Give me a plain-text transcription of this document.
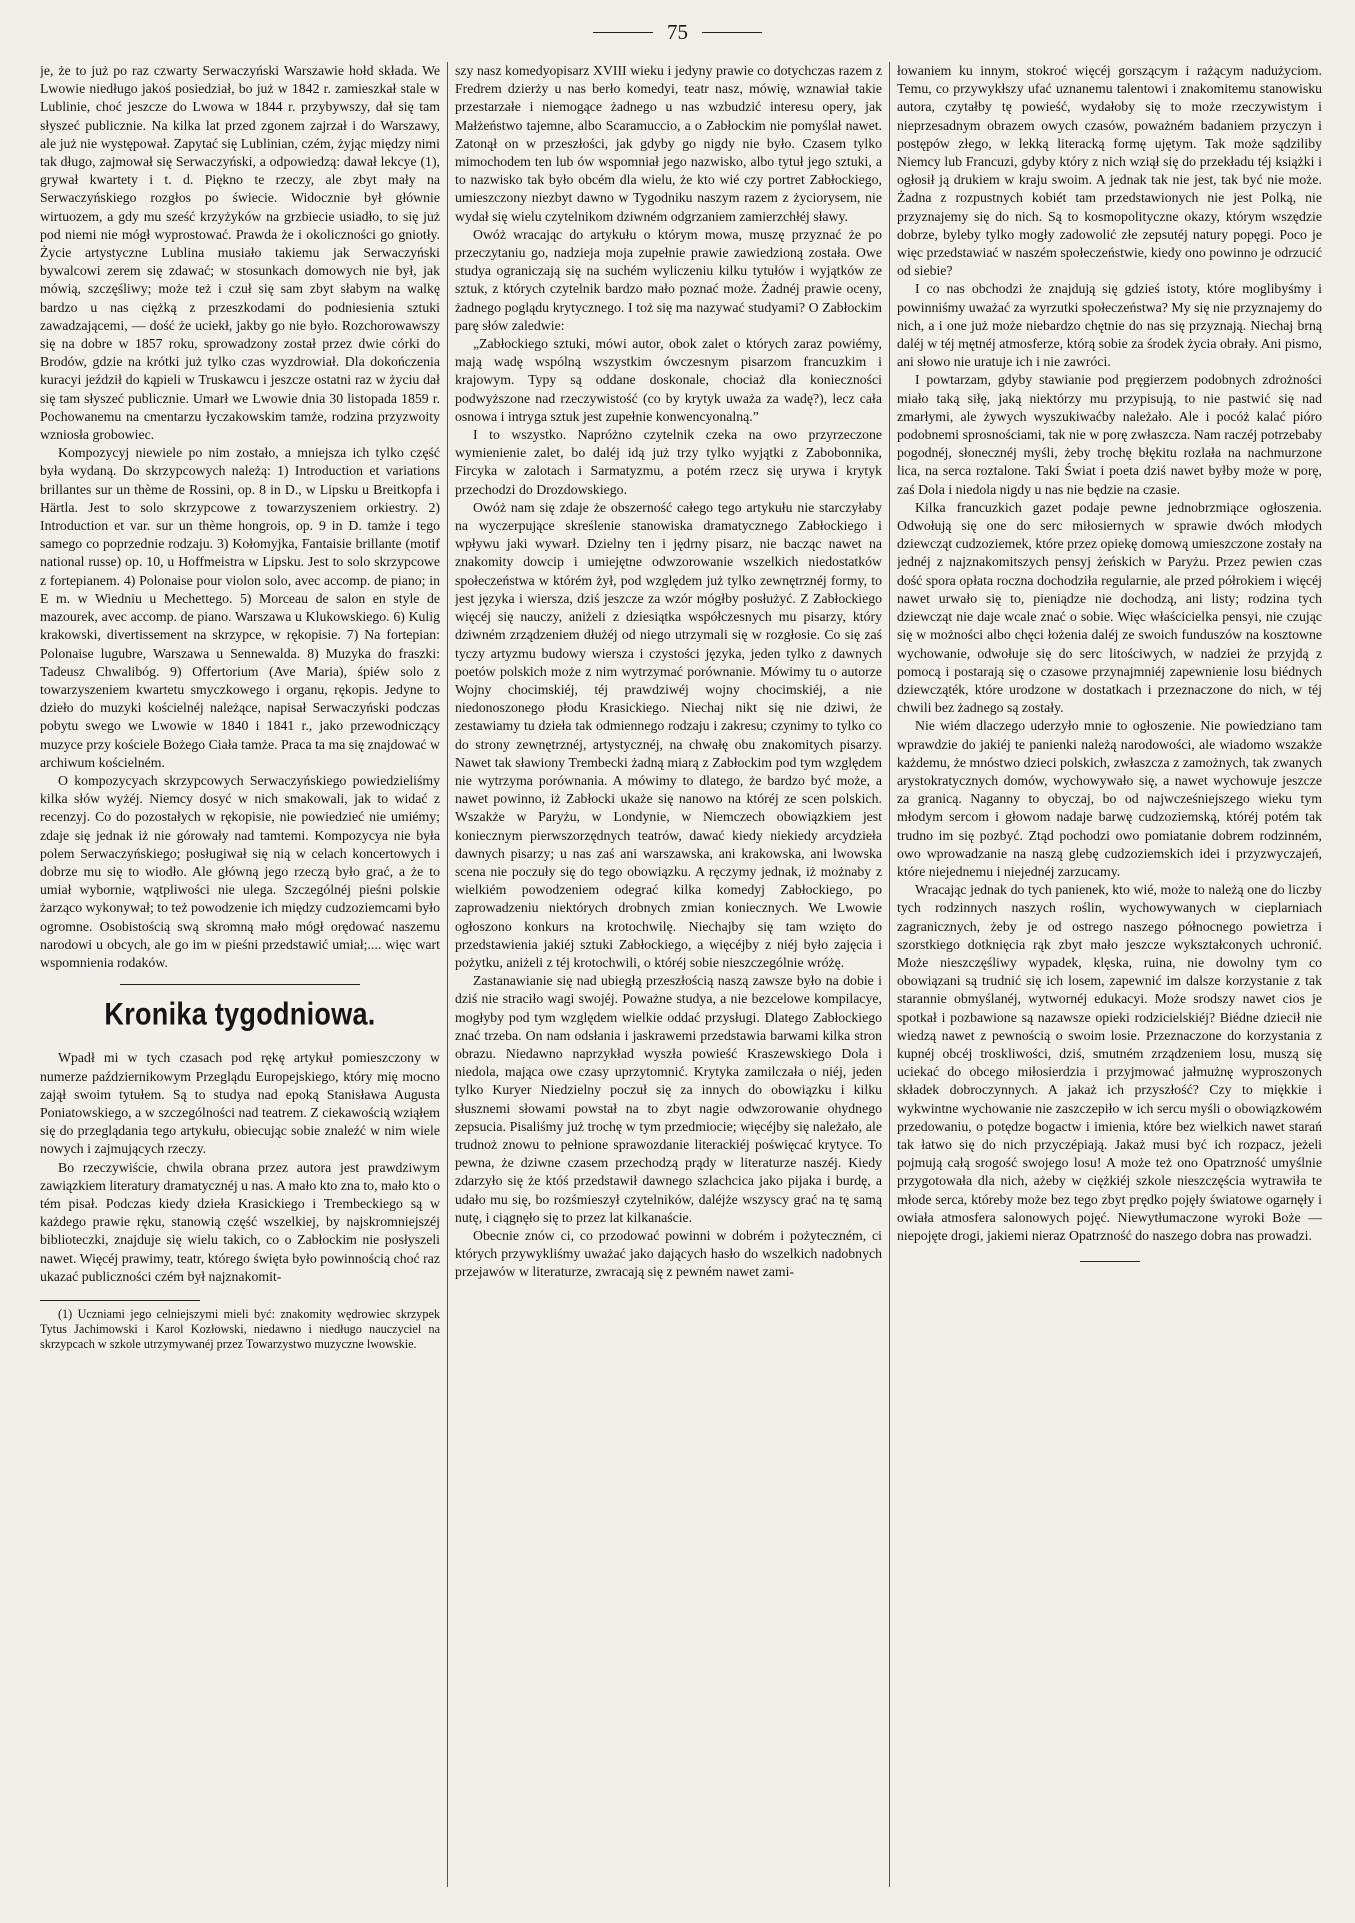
75

je, że to już po raz czwarty Serwaczyński Warszawie hołd składa. We Lwowie niedługo jakoś posiedział, bo już w 1842 r. zamieszkał stale w Lublinie, choć jeszcze do Lwowa w 1844 r. przybywszy, dał się tam słyszeć publicznie. Na kilka lat przed zgonem zajrzał i do Warszawy, ale już nie występował. Zapytać się Lublinian, czém, żyjąc między nimi tak długo, zajmował się Serwaczyński, a odpowiedzą: dawał lekcye (1), grywał kwartety i t. d. Piękno te rzeczy, ale zbyt mały na Serwaczyńskiego rozgłos po świecie. Widocznie był głównie wirtuozem, a gdy mu sześć krzyżyków na grzbiecie usiadło, to się już pod niemi nie mógł wyprostować. Prawda że i okoliczności go gniotły. Życie artystyczne Lublina musiało takiemu jak Serwaczyński bywalcowi zerem się zdawać; w stosunkach domowych nie był, jak mówią, szczęśliwy; może też i czuł się sam zbyt słabym na walkę bardzo u nas ciężką z przeszkodami do podniesienia sztuki zawadzającemi, — dość że uciekł, jakby go nie było. Rozchorowawszy się na dobre w 1857 roku, sprowadzony został przez dwie córki do Brodów, gdzie na krótki już tylko czas wyzdrowiał. Dla dokończenia kuracyi jeździł do kąpieli w Truskawcu i jeszcze ostatni raz w życiu dał się tam słyszeć publicznie. Umarł we Lwowie dnia 30 listopada 1859 r. Pochowanemu na cmentarzu łyczakowskim tamże, rodzina przyzwoity wzniosła grobowiec.

Kompozycyj niewiele po nim zostało, a mniejsza ich tylko część była wydaną. Do skrzypcowych należą: 1) Introduction et variations brillantes sur un thème de Rossini, op. 8 in D., w Lipsku u Breitkopfa i Härtla. Jest to solo skrzypcowe z towarzyszeniem orkiestry. 2) Introduction et var. sur un thème hongrois, op. 9 in D. tamże i tego samego co poprzednie rodzaju. 3) Kołomyjka, Fantaisie brillante (motif national russe) op. 10, u Hoffmeistra w Lipsku. Jest to solo skrzypcowe z fortepianem. 4) Polonaise pour violon solo, avec accomp. de piano; in E m. w Wiedniu u Mechettego. 5) Morceau de salon en style de mazourek, avec accomp. de piano. Warszawa u Klukowskiego. 6) Kulig krakowski, divertissement na skrzypce, w rękopisie. 7) Na fortepian: Polonaise lugubre, Warszawa u Sennewalda. 8) Muzyka do fraszki: Tadeusz Chwalibóg. 9) Offertorium (Ave Maria), śpiéw solo z towarzyszeniem kwartetu smyczkowego i organu, rękopis. Jedyne to dzieło do muzyki kościelnéj należące, napisał Serwaczyński podczas pobytu swego we Lwowie w 1840 i 1841 r., jako przewodniczący muzyce przy kościele Bożego Ciała tamże. Praca ta ma się znajdować w archiwum kościelném.

O kompozycyach skrzypcowych Serwaczyńskiego powiedzieliśmy kilka słów wyżéj. Niemcy dosyć w nich smakowali, jak to widać z recenzyj. Co do pozostałych w rękopisie, nie powiedzieć nie umiémy; zdaje się jednak iż nie górowały nad tamtemi. Kompozycya nie była polem Serwaczyńskiego; posługiwał się nią w celach koncertowych i dobrze mu się to wiodło. Ale główną jego rzeczą było grać, a że to umiał wybornie, wątpliwości nie ulega. Szczególnéj pieśni polskie żarząco wykonywał; to też powodzenie ich między cudzoziemcami było ogromne. Osobistością swą skromną mało mógł orędować naszemu narodowi u obcych, ale go im w pieśni przedstawić umiał;.... więc wart wspomnienia rodaków.

Kronika tygodniowa.

Wpadł mi w tych czasach pod rękę artykuł pomieszczony w numerze październikowym Przeglądu Europejskiego, który mię mocno zajął swoim tytułem. Są to studya nad epoką Stanisława Augusta Poniatowskiego, a w szczególności nad teatrem. Z ciekawością wziąłem się do przeglądania tego artykułu, obiecując sobie znaleźć w nim wiele nowych i zajmujących rzeczy.

Bo rzeczywiście, chwila obrana przez autora jest prawdziwym zawiązkiem literatury dramatycznéj u nas. A mało kto zna to, mało kto o tém pisał. Podczas kiedy dzieła Krasickiego i Trembeckiego są w każdego prawie ręku, stanowią część wszelkiej, by najskromniejszéj biblioteczki, znajduje się wielu takich, co o Zabłockim nie posłyszeli nawet. Więcéj prawimy, teatr, którego święta było powinnością choć raz ukazać publiczności czém był najznakomit-

(1) Uczniami jego celniejszymi mieli być: znakomity wędrowiec skrzypek Tytus Jachimowski i Karol Kozłowski, niedawno i niedługo nauczyciel na skrzypcach w szkole utrzymywanéj przez Towarzystwo muzyczne lwowskie.

szy nasz komedyopisarz XVIII wieku i jedyny prawie co dotychczas razem z Fredrem dzierży u nas berło komedyi, teatr nasz, mówię, wznawiał takie przestarzałe i niemogące żadnego u nas wzbudzić interesu opery, jak Małżeństwo tajemne, albo Scaramuccio, a o Zabłockim nie pomyślał nawet. Zatonął on w przeszłości, jak gdyby go nigdy nie było. Czasem tylko mimochodem ten lub ów wspomniał jego nazwisko, albo tytuł jego sztuki, a to nazwisko tak było obcém dla wielu, że kto wié czy portret Zabłockiego, umieszczony niezbyt dawno w Tygodniku naszym razem z życiorysem, nie wydał się wielu czytelnikom dziwném odgrzaniem zamierzchłéj sławy.

Owóż wracając do artykułu o którym mowa, muszę przyznać że po przeczytaniu go, nadzieja moja zupełnie prawie zawiedzioną została. Owe studya ograniczają się na suchém wyliczeniu kilku tytułów i wyjątków ze sztuk, z których czytelnik bardzo mało poznać może. Żadnéj prawie oceny, żadnego poglądu krytycznego. I toż się ma nazywać studyami? O Zabłockim parę słów zaledwie:

„Zabłockiego sztuki, mówi autor, obok zalet o których zaraz powiémy, mają wadę wspólną wszystkim ówczesnym pisarzom francuzkim i krajowym. Typy są oddane doskonale, chociaż dla konieczności podwyższone nad rzeczywistość (co by krytyk uważa za wadę?), lecz cała osnowa i intryga sztuk jest zupełnie konwencyonalną.”

I to wszystko. Napróżno czytelnik czeka na owo przyrzeczone wymienienie zalet, bo daléj idą już trzy tylko wyjątki z Zabobonnika, Fircyka w zalotach i Sarmatyzmu, a potém rzecz się urywa i krytyk przechodzi do Drozdowskiego.

Owóż nam się zdaje że obszerność całego tego artykułu nie starczyłaby na wyczerpujące skreślenie stanowiska dramatycznego Zabłockiego i wpływu jaki wywarł. Dzielny ten i jędrny pisarz, nie bacząc nawet na znakomity dowcip i umiejętne odwzorowanie wszelkich niedostatków społeczeństwa w którém żył, pod względem już tylko zewnętrznéj formy, to jest języka i wiersza, dziś jeszcze za wzór mógłby posłużyć. Z Zabłockiego więcéj się nauczy, aniżeli z dziesiątka współczesnych mu pisarzy, który dziwném zrządzeniem dłużéj od niego utrzymali się w rozgłosie. Co się zaś tyczy artyzmu budowy wiersza i czystości języka, jeden tylko z dawnych poetów polskich może z nim wytrzymać porównanie. Mówimy tu o autorze Wojny chocimskiéj, téj prawdziwéj wojny chocimskiéj, a nie niedonoszonego płodu Krasickiego. Niechaj nikt się nie dziwi, że zestawiamy tu dzieła tak odmiennego rodzaju i zakresu; czynimy to tylko co do strony zewnętrznéj, artystycznéj, na chwałę obu znakomitych pisarzy. Nawet tak sławiony Trembecki żadną miarą z Zabłockim pod tym względem nie wytrzyma porównania. A mówimy to dlatego, że bardzo być może, a nawet powinno, iż Zabłocki ukaże się nanowo na któréj ze scen polskich. Wszakże w Paryżu, w Londynie, w Niemczech obowiązkiem jest koniecznym pierwszorzędnych teatrów, dawać kiedy niekiedy arcydzieła dawnych pisarzy; u nas zaś ani warszawska, ani krakowska, ani lwowska scena nie poczuły się do tego obowiązku. A ręczymy jednak, iż możnaby z wielkiém powodzeniem odegrać kilka komedyj Zabłockiego, po zaprowadzeniu niektórych drobnych zmian koniecznych. We Lwowie ogłoszono konkurs na krotochwilę. Niechajby się tam wzięto do przedstawienia jakiéj sztuki Zabłockiego, a więcéjby z niéj było zajęcia i pożytku, aniżeli z téj krotochwili, o któréj sobie nieszczególnie wróżę.

Zastanawianie się nad ubiegłą przeszłością naszą zawsze było na dobie i dziś nie straciło wagi swojéj. Poważne studya, a nie bezcelowe kompilacye, mogłyby pod tym względem wielkie oddać przysługi. Dlatego Zabłockiego znać trzeba. On nam odsłania i jaskrawemi przedstawia barwami kilka stron obrazu. Niedawno naprzykład wyszła powieść Kraszewskiego Dola i niedola, mająca owe czasy uprzytomnić. Krytyka zamilczała o niéj, jeden tylko Kuryer Niedzielny poczuł się za innych do obowiązku i kilku słusznemi słowami powstał na to zbyt nagie odwzorowanie ohydnego zepsucia. Pisaliśmy już trochę w tym przedmiocie; więcéjby się należało, ale trudnoż znowu to pełnione sprawozdanie literackiéj poświęcać krytyce. To pewna, że dziwne czasem przechodzą prądy w literaturze naszéj. Kiedy zdarzyło się że któś przedstawił dawnego szlachcica jako pijaka i burdę, a udało mu się, bo rozśmieszył czytelników, daléjże wszyscy grać na tę samą nutę, i ciągnęło się to przez lat kilkanaście.

Obecnie znów ci, co przodować powinni w dobrém i pożyteczném, ci których przywykliśmy uważać jako dających hasło do wszelkich nadobnych przejawów w literaturze, zwracają się z pewném nawet zami-

łowaniem ku innym, stokroć więcéj gorszącym i rażącym nadużyciom. Temu, co przywykłszy ufać uznanemu talentowi i znakomitemu stanowisku autora, czytałby tę powieść, wydałoby się to może rzeczywistym i nieprzesadnym obrazem owych czasów, poważném badaniem przyczyn i postępów złego, w lekką literacką formę ujętym. Tak może sądziliby Niemcy lub Francuzi, gdyby który z nich wziął się do przekładu téj książki i ogłosił ją drukiem w kraju swoim. A jednak tak nie jest, tak być nie może. Żadna z rozpustnych kobiét tam przedstawionych nie jest Polką, nie przyznajemy się do nich. Są to kosmopolityczne okazy, którym wszędzie dobrze, byleby tylko mogły zadowolić złe zepsutéj natury popęgi. Poco je więc przedstawiać w naszém społeczeństwie, kiedy ono powinno je odrzucić od siebie?

I co nas obchodzi że znajdują się gdzieś istoty, które moglibyśmy i powinniśmy uważać za wyrzutki społeczeństwa? My się nie przyznajemy do nich, a i one już może niebardzo chętnie do nas się przyznają. Niechaj brną daléj w téj mętnéj atmosferze, którą sobie za środek życia obrały. Ani pismo, ani słowo nie uratuje ich i nie zawróci.

I powtarzam, gdyby stawianie pod pręgierzem podobnych zdrożności miało taką siłę, jaką niektórzy mu przypisują, to nie pastwić się nad zmarłymi, ale żywych wyszukiwaćby należało. Ale i pocóż kalać pióro podobnemi sprosnościami, tak nie w porę zwłaszcza. Nam raczéj potrzebaby pogodnéj, słonecznéj myśli, żeby trochę błękitu rozlała na nachmurzone lica, na serca roztalone. Taki Świat i poeta dziś nawet byłby może w porę, zaś Dola i niedola nigdy u nas nie będzie na czasie.

Kilka francuzkich gazet podaje pewne jednobrzmiące ogłoszenia. Odwołują się one do serc miłosiernych w sprawie dwóch młodych dziewcząt cudzoziemek, które przez opiekę domową umieszczone zostały na jednéj z najznakomitszych pensyj żeńskich w Paryżu. Przez pewien czas dość spora opłata roczna dochodziła regularnie, ale przed półrokiem i więcéj nawet urwało się to, pieniądze nie dochodzą, ani listy; rodzina tych dziewcząt nie daje wcale znać o sobie. Więc właścicielka pensyi, nie czując się w możności albo chęci łożenia daléj ze swoich funduszów na kosztowne wychowanie, odwołuje się do serc litościwych, w nadziei że przyjdą z pomocą i postarają się o czasowe przynajmniéj zapewnienie losu biédnych dziewcząték, które urodzone w dostatkach i przeznaczone do nich, w téj chwili bez żadnego są zostały.

Nie wiém dlaczego uderzyło mnie to ogłoszenie. Nie powiedziano tam wprawdzie do jakiéj te panienki należą narodowości, ale wiadomo wszakże każdemu, że mnóstwo dzieci polskich, zwłaszcza z zamożnych, tak zwanych arystokratycznych domów, wychowywało się, a nawet wychowuje jeszcze za granicą. Naganny to obyczaj, bo od najwcześniejszego wieku tym młodym sercom i głowom nadaje barwę cudzoziemską, któréj potém tak trudno im się pozbyć. Ztąd pochodzi owo pomiatanie dobrem rodzinném, owo wprowadzanie na naszą glebę cudzoziemskich idei i przyzwyczajeń, które niejednemu i niejednéj zarzucamy.

Wracając jednak do tych panienek, kto wié, może to należą one do liczby tych rodzinnych naszych roślin, wychowywanych w cieplarniach zagranicznych, żeby je od ostrego naszego północnego powietrza i szorstkiego dotknięcia rąk zbyt mało jeszcze wykształconych uchronić. Może nieszczęśliwy wypadek, klęska, ruina, nie dowolny tym co obowiązani są trudnić się ich losem, zapewnić im dalsze korzystanie z tak starannie obmyślanéj, wytwornéj edukacyi. Może srodszy nawet cios je spotkał i pozbawione są nazawsze opieki rodzicielskiéj? Biédne dziecił nie wiedzą nawet z pewnością o swoim losie. Przeznaczone do korzystania z kupnéj obcéj troskliwości, dziś, smutném zrządzeniem losu, muszą się uciekać do obcego miłosierdzia i przyjmować jałmużnę wyproszonych składek dobroczynnych. A jakaż ich przyszłość? Czy to miękkie i wykwintne wychowanie nie zaszczepiło w ich sercu myśli o obowiązkowém przedowaniu, o potędze bogactw i imienia, które bez wielkich nawet starań tak łatwo się do nich przyczépiają. Jakaż musi być ich rozpacz, jeżeli pojmują całą srogość swojego losu! A może też ono Opatrzność umyślnie przygotowała dla nich, ażeby w ciężkiéj szkole nieszczęścia wytrawiła te młode serca, któreby może bez tego zbyt prędko pojęły światowe ogarnęły i owiała atmosfera salonowych pojęć. Niewytłumaczone wyroki Boże — niepojęte drogi, jakiemi nieraz Opatrzność do naszego dobra nas prowadzi.
